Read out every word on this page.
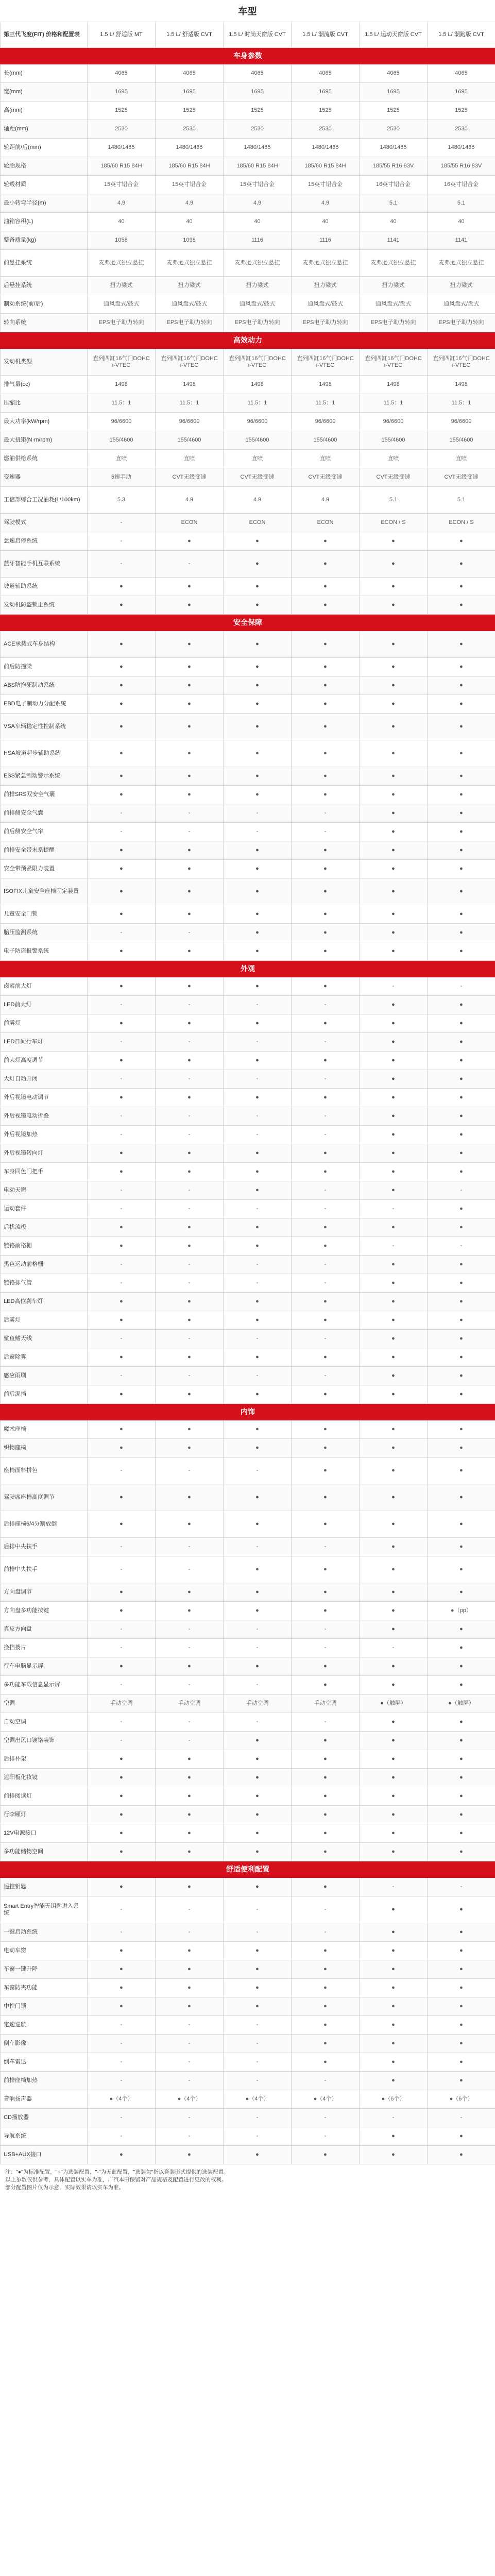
车型
第三代飞度(FIT) 价格和配置表	1.5 L/ 舒适版 MT	1.5 L/ 舒适版 CVT	1.5 L/ 时尚天窗版 CVT	1.5 L/ 潮流版 CVT	1.5 L/ 运动天窗版 CVT	1.5 L/ 潮跑版 CVT
车身参数						
长(mm)	4065	4065	4065	4065	4065	4065
宽(mm)	1695	1695	1695	1695	1695	1695
高(mm)	1525	1525	1525	1525	1525	1525
轴距(mm)	2530	2530	2530	2530	2530	2530
轮距前/后(mm)	1480/1465	1480/1465	1480/1465	1480/1465	1480/1465	1480/1465
轮胎规格	185/60 R15 84H	185/60 R15 84H	185/60 R15 84H	185/60 R15 84H	185/55 R16 83V	185/55 R16 83V
轮毂材质	15英寸铝合金	15英寸铝合金	15英寸铝合金	15英寸铝合金	16英寸铝合金	16英寸铝合金
最小转弯半径(m)	4.9	4.9	4.9	4.9	5.1	5.1
油箱容积(L)	40	40	40	40	40	40
整备质量(kg)	1058	1098	1116	1116	1141	1141
前悬挂系统	麦弗逊式独立悬挂	麦弗逊式独立悬挂	麦弗逊式独立悬挂	麦弗逊式独立悬挂	麦弗逊式独立悬挂	麦弗逊式独立悬挂
后悬挂系统	扭力梁式	扭力梁式	扭力梁式	扭力梁式	扭力梁式	扭力梁式
制动系统(前/后)	通风盘式/鼓式	通风盘式/鼓式	通风盘式/鼓式	通风盘式/鼓式	通风盘式/盘式	通风盘式/盘式
转向系统	EPS电子助力转向	EPS电子助力转向	EPS电子助力转向	EPS电子助力转向	EPS电子助力转向	EPS电子助力转向
高效动力						
发动机类型	直列四缸16气门DOHC i-VTEC	直列四缸16气门DOHC i-VTEC	直列四缸16气门DOHC i-VTEC	直列四缸16气门DOHC i-VTEC	直列四缸16气门DOHC i-VTEC	直列四缸16气门DOHC i-VTEC
排气量(cc)	1498	1498	1498	1498	1498	1498
压缩比	11.5：1	11.5：1	11.5：1	11.5：1	11.5：1	11.5：1
最大功率(kW/rpm)	96/6600	96/6600	96/6600	96/6600	96/6600	96/6600
最大扭矩(N·m/rpm)	155/4600	155/4600	155/4600	155/4600	155/4600	155/4600
燃油供给系统	直喷	直喷	直喷	直喷	直喷	直喷
变速器	5速手动	CVT无级变速	CVT无级变速	CVT无级变速	CVT无级变速	CVT无级变速
工信部综合工况油耗(L/100km)	5.3	4.9	4.9	4.9	5.1	5.1
驾驶模式	-	ECON	ECON	ECON	ECON / S	ECON / S
怠速启停系统	-	●	●	●	●	●
蓝牙智能手机互联系统	-	-	●	●	●	●
坡道辅助系统	●	●	●	●	●	●
发动机防盗锁止系统	●	●	●	●	●	●
安全保障						
ACE承载式车身结构	●	●	●	●	●	●
前后防撞梁	●	●	●	●	●	●
ABS防抱死制动系统	●	●	●	●	●	●
EBD电子制动力分配系统	●	●	●	●	●	●
VSA车辆稳定性控制系统	●	●	●	●	●	●
HSA坡道起步辅助系统	●	●	●	●	●	●
ESS紧急制动警示系统	●	●	●	●	●	●
前排SRS双安全气囊	●	●	●	●	●	●
前排侧安全气囊	-	-	-	-	●	●
前后侧安全气帘	-	-	-	-	●	●
前排安全带未系提醒	●	●	●	●	●	●
安全带预紧限力装置	●	●	●	●	●	●
ISOFIX儿童安全座椅固定装置	●	●	●	●	●	●
儿童安全门锁	●	●	●	●	●	●
胎压监测系统	-	-	●	●	●	●
电子防盗报警系统	●	●	●	●	●	●
外观						
卤素前大灯	●	●	●	●	-	-
LED前大灯	-	-	-	-	●	●
前雾灯	●	●	●	●	●	●
LED日间行车灯	-	-	-	-	●	●
前大灯高度调节	●	●	●	●	●	●
大灯自动开闭	-	-	-	-	●	●
外后视镜电动调节	●	●	●	●	●	●
外后视镜电动折叠	-	-	-	-	●	●
外后视镜加热	-	-	-	-	●	●
外后视镜转向灯	●	●	●	●	●	●
车身同色门把手	●	●	●	●	●	●
电动天窗	-	-	●	-	●	-
运动套件	-	-	-	-	-	●
后扰流板	●	●	●	●	●	●
镀铬前格栅	●	●	●	●	-	-
黑色运动前格栅	-	-	-	-	●	●
镀铬排气管	-	-	-	-	●	●
LED高位刹车灯	●	●	●	●	●	●
后雾灯	●	●	●	●	●	●
鲨鱼鳍天线	-	-	-	-	●	●
后窗除雾	●	●	●	●	●	●
感应雨刷	-	-	-	-	●	●
前后泥挡	●	●	●	●	●	●
内饰						
魔术座椅	●	●	●	●	●	●
织物座椅	●	●	●	●	●	●
座椅面料拼色	-	-	-	●	●	●
驾驶席座椅高度调节	●	●	●	●	●	●
后排座椅6/4分割放倒	●	●	●	●	●	●
后排中央扶手	-	-	-	-	●	●
前排中央扶手	-	-	●	●	●	●
方向盘调节	●	●	●	●	●	●
方向盘多功能按键	●	●	●	●	●	●（pp）
真皮方向盘	-	-	-	-	●	●
换挡拨片	-	-	-	-	-	●
行车电脑显示屏	●	●	●	●	●	●
多功能车载信息显示屏	-	-	-	●	●	●
空调	手动空调	手动空调	手动空调	手动空调	●（触屏）	●（触屏）
自动空调	-	-	-	-	●	●
空调出风口镀铬装饰	-	-	●	●	●	●
后排杯架	●	●	●	●	●	●
遮阳板化妆镜	●	●	●	●	●	●
前排阅读灯	●	●	●	●	●	●
行李厢灯	●	●	●	●	●	●
12V电源接口	●	●	●	●	●	●
多功能储物空间	●	●	●	●	●	●
舒适便利配置						
遥控钥匙	●	●	●	●	-	-
Smart Entry智能无钥匙进入系统	-	-	-	-	●	●
一键启动系统	-	-	-	-	●	●
电动车窗	●	●	●	●	●	●
车窗一键升降	●	●	●	●	●	●
车窗防夹功能	●	●	●	●	●	●
中控门锁	●	●	●	●	●	●
定速巡航	-	-	-	●	●	●
倒车影像	-	-	-	●	●	●
倒车雷达	-	-	-	●	●	●
前排座椅加热	-	-	-	-	●	●
音响扬声器	●（4个）	●（4个）	●（4个）	●（4个）	●（6个）	●（6个）
CD播放器	-	-	-	-	-	-
导航系统	-	-	-	-	●	●
USB+AUX接口	●	●	●	●	●	●
注："●"为标准配置，"○"为选装配置，"-"为无此配置，"选装包"指以套装形式提供的选装配置。
以上参数仅供参考，具体配置以实车为准，广汽本田保留对产品规格及配置进行更改的权利。
部分配置图片仅为示意，实际效果请以实车为准。
